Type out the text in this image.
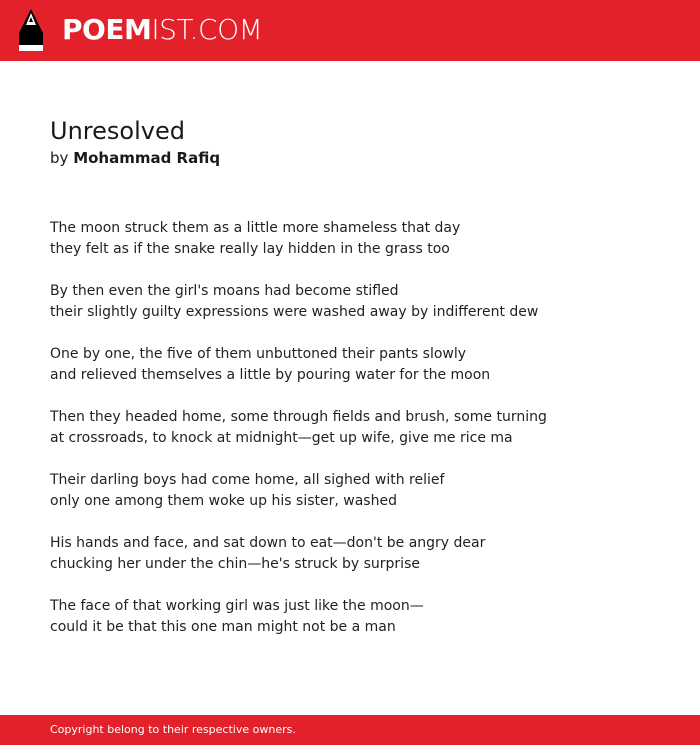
POEMIST.COM
Unresolved

by Mohammad Rafiq

The moon struck them as a little more shameless that day
they felt as if the snake really lay hidden in the grass too

By then even the girl's moans had become stifled
their slightly guilty expressions were washed away by indifferent dew

One by one, the five of them unbuttoned their pants slowly
and relieved themselves a little by pouring water for the moon

Then they headed home, some through fields and brush, some turning
at crossroads, to knock at midnight—get up wife, give me rice ma

Their darling boys had come home, all sighed with relief
only one among them woke up his sister, washed

His hands and face, and sat down to eat—don't be angry dear
chucking her under the chin—he's struck by surprise

The face of that working girl was just like the moon—
could it be that this one man might not be a man

Copyright belong to their respective owners.
